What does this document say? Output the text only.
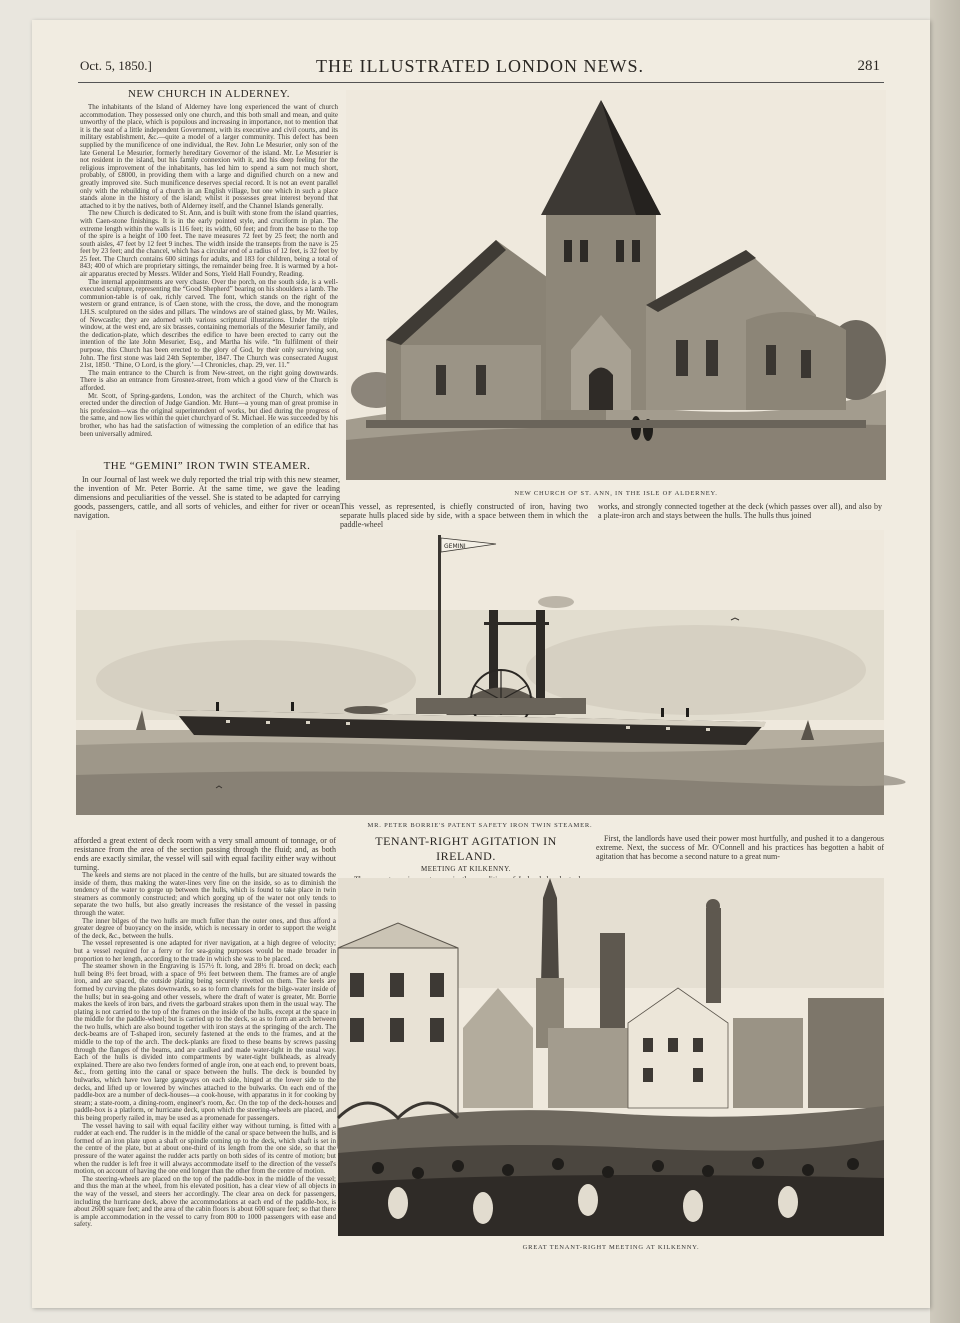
Oct. 5, 1850.]	THE ILLUSTRATED LONDON NEWS.	281
NEW CHURCH IN ALDERNEY.

The inhabitants of the Island of Alderney have long experienced the want of church accommodation. They possessed only one church, and this both small and mean, and quite unworthy of the place, which is populous and increasing in importance, not to mention that it is the seat of a little independent Government, with its executive and civil courts, and its military establishment, &c.—quite a model of a larger community. This defect has been supplied by the munificence of one individual, the Rev. John Le Mesurier, only son of the late General Le Mesurier, formerly hereditary Governor of the island. Mr. Le Mesurier is not resident in the island, but his family connexion with it, and his deep feeling for the religious improvement of the inhabitants, has led him to spend a sum not much short, probably, of £8000, in providing them with a large and dignified church on a new and greatly improved site. Such munificence deserves special record. It is not an event parallel only with the rebuilding of a church in an English village, but one which in such a place stands alone in the history of the island; whilst it possesses great interest beyond that attached to it by the natives, both of Alderney itself, and the Channel Islands generally.

The new Church is dedicated to St. Ann, and is built with stone from the island quarries, with Caen-stone finishings. It is in the early pointed style, and cruciform in plan. The extreme length within the walls is 116 feet; its width, 60 feet; and from the base to the top of the spire is a height of 100 feet. The nave measures 72 feet by 25 feet; the north and south aisles, 47 feet by 12 feet 9 inches. The width inside the transepts from the nave is 25 feet by 23 feet; and the chancel, which has a circular end of a radius of 12 feet, is 32 feet by 25 feet. The Church contains 600 sittings for adults, and 183 for children, being a total of 843; 400 of which are proprietary sittings, the remainder being free. It is warmed by a hot-air apparatus erected by Messrs. Wilder and Sons, Yield Hall Foundry, Reading.

The internal appointments are very chaste. Over the porch, on the south side, is a well-executed sculpture, representing the “Good Shepherd” bearing on his shoulders a lamb. The communion-table is of oak, richly carved. The font, which stands on the right of the western or grand entrance, is of Caen stone, with the cross, the dove, and the monogram I.H.S. sculptured on the sides and pillars. The windows are of stained glass, by Mr. Wailes, of Newcastle; they are adorned with various scriptural illustrations. Under the triple window, at the west end, are six brasses, containing memorials of the Mesurier family, and the dedication-plate, which describes the edifice to have been erected to carry out the intention of the late John Mesurier, Esq., and Martha his wife. “In fulfilment of their purpose, this Church has been erected to the glory of God, by their only surviving son, John. The first stone was laid 24th September, 1847. The Church was consecrated August 21st, 1850. ‘Thine, O Lord, is the glory.’—I Chronicles, chap. 29, ver. 11.”

The main entrance to the Church is from New-street, on the right going downwards. There is also an entrance from Grosnez-street, from which a good view of the Church is afforded.

Mr. Scott, of Spring-gardens, London, was the architect of the Church, which was erected under the direction of Judge Gandion. Mr. Hunt—a young man of great promise in his profession—was the original superintendent of works, but died during the progress of the same, and now lies within the quiet churchyard of St. Michael. He was succeeded by his brother, who has had the satisfaction of witnessing the completion of an edifice that has been universally admired.

NEW CHURCH OF ST. ANN, IN THE ISLE OF ALDERNEY.
THE “GEMINI” IRON TWIN STEAMER.

In our Journal of last week we duly reported the trial trip with this new steamer, the invention of Mr. Peter Borrie. At the same time, we gave the leading dimensions and peculiarities of the vessel. She is stated to be adapted for carrying goods, passengers, cattle, and all sorts of vehicles, and either for river or ocean navigation.

This vessel, as represented, is chiefly constructed of iron, having two separate hulls placed side by side, with a space between them in which the paddle-wheel

works, and strongly connected together at the deck (which passes over all), and also by a plate-iron arch and stays between the hulls. The hulls thus joined

GEMINI
MR. PETER BORRIE'S PATENT SAFETY IRON TWIN STEAMER.

afforded a great extent of deck room with a very small amount of tonnage, or of resistance from the area of the section passing through the fluid; and, as both ends are exactly similar, the vessel will sail with equal facility either way without turning.

The keels and stems are not placed in the centre of the hulls, but are situated towards the inside of them, thus making the water-lines very fine on the inside, so as to diminish the tendency of the water to gorge up between the hulls, which is found to take place in twin steamers as commonly constructed; and which gorging up of the water not only tends to separate the two hulls, but also greatly increases the resistance of the vessel in passing through the water.

The inner bilges of the two hulls are much fuller than the outer ones, and thus afford a greater degree of buoyancy on the inside, which is necessary in order to support the weight of the deck, &c., between the hulls.

The vessel represented is one adapted for river navigation, at a high degree of velocity; but a vessel required for a ferry or for sea-going purposes would be made broader in proportion to her length, according to the trade in which she was to be placed.

The steamer shown in the Engraving is 157½ ft. long, and 28½ ft. broad on deck; each hull being 8½ feet broad, with a space of 9½ feet between them. The frames are of angle iron, and are spaced, the outside plating being securely rivetted on them. The keels are formed by curving the plates downwards, so as to form channels for the bilge-water inside of the hulls; but in sea-going and other vessels, where the draft of water is greater, Mr. Borrie makes the keels of iron bars, and rivets the garboard strakes upon them in the usual way. The plating is not carried to the top of the frames on the inside of the hulls, except at the space in the middle for the paddle-wheel; but is carried up to the deck, so as to form an arch between the two hulls, which are also bound together with iron stays at the springing of the arch. The deck-beams are of T-shaped iron, securely fastened at the ends to the frames, and at the middle to the top of the arch. The deck-planks are fixed to these beams by screws passing through the flanges of the beams, and are caulked and made water-tight in the usual way. Each of the hulls is divided into compartments by water-tight bulkheads, as already explained. There are also two fenders formed of angle iron, one at each end, to prevent boats, &c., from getting into the canal or space between the hulls. The deck is bounded by bulwarks, which have two large gangways on each side, hinged at the lower side to the decks, and lifted up or lowered by winches attached to the bulwarks. On each end of the paddle-box are a number of deck-houses—a cook-house, with apparatus in it for cooking by steam; a state-room, a dining-room, engineer's room, &c. On the top of the deck-houses and paddle-box is a platform, or hurricane deck, upon which the steering-wheels are placed, and this being properly railed in, may be used as a promenade for passengers.

The vessel having to sail with equal facility either way without turning, is fitted with a rudder at each end. The rudder is in the middle of the canal or space between the hulls, and is formed of an iron plate upon a shaft or spindle coming up to the deck, which shaft is set in the centre of the plate, but at about one-third of its length from the one side, so that the pressure of the water against the rudder acts partly on both sides of its centre of motion; but when the rudder is left free it will always accommodate itself to the direction of the vessel's motion, on account of having the one end longer than the other from the centre of motion.

The steering-wheels are placed on the top of the paddle-box in the middle of the vessel; and thus the man at the wheel, from his elevated position, has a clear view of all objects in the way of the vessel, and steers her accordingly. The clear area on deck for passengers, including the hurricane deck, above the accommodations at each end of the paddle-box, is about 2600 square feet; and the area of the cabin floors is about 600 square feet; so that there is ample accommodation in the vessel to carry from 800 to 1000 passengers with ease and safety.

TENANT-RIGHT AGITATION IN IRELAND.
MEETING AT KILKENNY.

First, the landlords have used their power most hurtfully, and pushed it to a dangerous extreme. Next, the success of Mr. O'Connell and his practices has begotten a habit of agitation that has become a second nature to a great num-

GREAT TENANT-RIGHT MEETING AT KILKENNY.
